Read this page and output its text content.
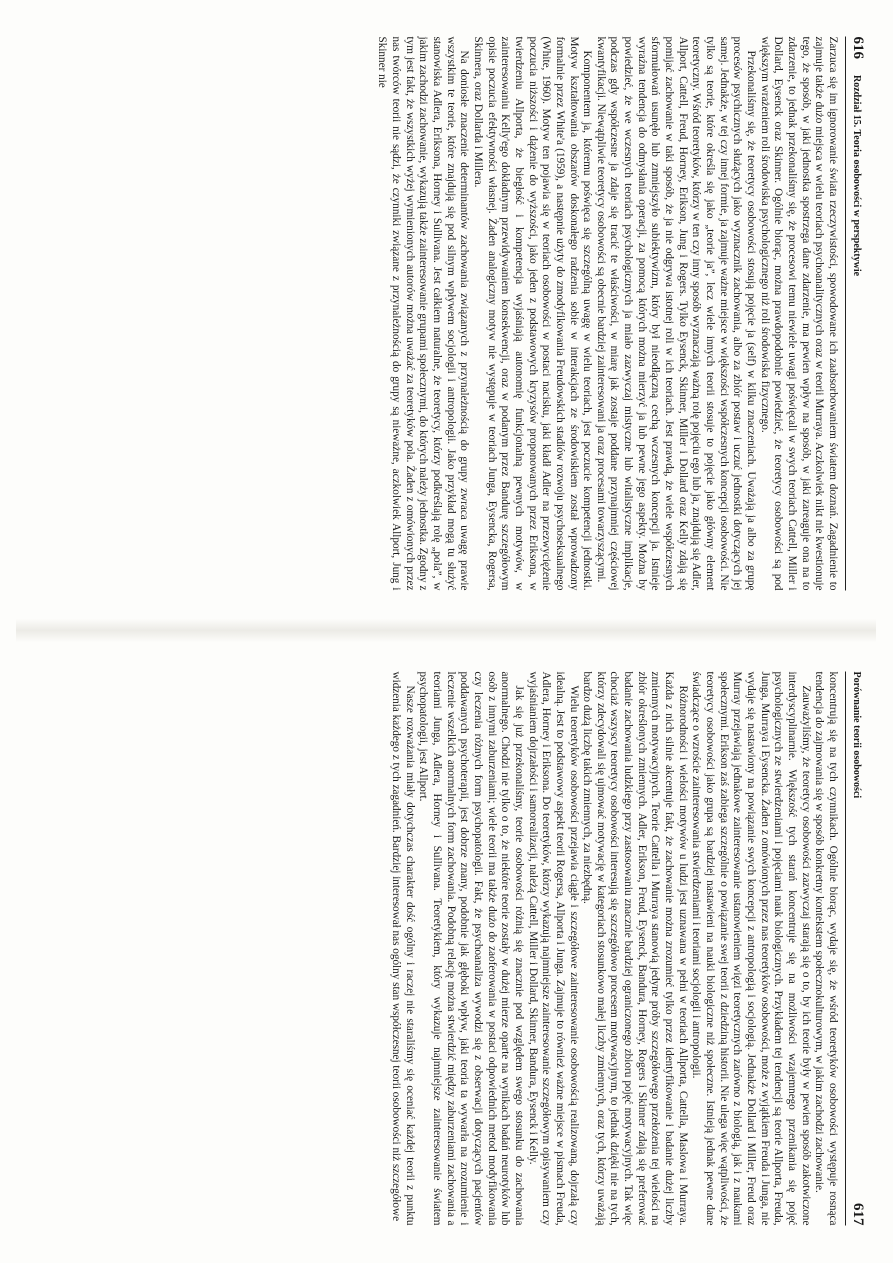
616
Rozdział 15. Teoria osobowości w perspektywie

Zarzuca się im ignorowanie świata rzeczywistości, spowodowane ich zaabsorbowaniem światem doznań. Zagadnienie to zajmuje także dużo miejsca w wielu teoriach psychoanalitycznych oraz w teorii Murraya. Aczkolwiek nikt nie kwestionuje tego, że sposób, w jaki jednostka spostrzega dane zdarzenie, ma pewien wpływ na sposób, w jaki zareaguje ona na to zdarzenie, to jednak przekonaliśmy się, że procesowi temu niewiele uwagi poświęcali w swych teoriach Cattell, Miller i Dollard, Eysenck oraz Skinner. Ogólnie biorąc, można prawdopodobnie powiedzieć, że teoretycy osobowości są pod większym wrażeniem roli środowiska psychologicznego niż roli środowiska fizycznego.

Przekonaliśmy się, że teoretycy osobowości stosują pojęcie ja (self) w kilku znaczeniach. Uważają ja albo za grupę procesów psychicznych służących jako wyznacznik zachowania, albo za zbiór postaw i uczuć jednostki dotyczących jej samej. Jednakże, w tej czy innej formie, ja zajmuje ważne miejsce w większości współczesnych koncepcji osobowości. Nie tylko są teorie, które określa się jako „teorie ja”, lecz wiele innych teorii stosuje to pojęcie jako główny element teoretyczny. Wśród teoretyków, którzy w ten czy inny sposób wyznaczają ważną rolę pojęciu ego lub ja, znajdują się Adler, Allport, Cattell, Freud, Horney, Erikson, Jung i Rogers. Tylko Eysenck, Skinner, Miller i Dollard oraz Kelly zdają się pomijać zachowanie w taki sposób, że ja nie odgrywa istotnej roli w ich teoriach. Jest prawdą, że wiele współczesnych sformułowań usunęło lub zmniejszyło subiektywizm, który był nieodłączną cechą wczesnych koncepcji ja. Istnieje wyraźna tendencja do odmysłania operacji, za pomocą których można mierzyć ja lub pewne jego aspekty. Można by powiedzieć, że we wczesnych teoriach psychologicznych ja miało zazwyczaj mistyczne lub witalistyczne implikacje, podczas gdy współczesne ja zdaje się tracić te właściwości, w miarę jak zostaje poddane przynajmniej częściowej kwantyfikacji. Niewątpliwie teoretycy osobowości są obecnie bardziej zainteresowani ja oraz procesami towarzyszącymi.

Komponentem ja, któremu poświęca się szczególną uwagę w wielu teoriach, jest poczucie kompetencji jednostki. Motyw kształtowania obszarów doskonałego radzenia sobie w interakcjach ze środowiskiem został wprowadzony formalnie przez White'a (1959), a następnie użyty do zmodyfikowania Freudowskich stadiów rozwoju psychoseksualnego (White, 1960). Motyw ten pojawia się w teoriach osobowości w postaci nacisku, jaki kładł Adler na przezwyciężenie poczucia niższości i dążenie do wyższości, jako jeden z podstawowych kryzysów proponowanych przez Eriksona, w twierdzeniu Allporta, że biegłość i kompetencja wyjaśniają autonomię funkcjonalną pewnych motywów, w zainteresowaniu Kelly'ego dokładnym przewidywaniem konsekwencji, oraz w podanym przez Bandurę szczegółowym opisie poczucia efektywności własnej. Żaden analogiczny motyw nie występuje w teoriach Junga, Eysencka, Rogersa, Skinnera, oraz Dollarda i Millera.

Na doniosłe znaczenie determinantów zachowania związanych z przynależnością do grupy zwraca uwagę prawie wszystkim te teorie, które znajdują się pod silnym wpływem socjologii i antropologii. Jako przykład mogą tu służyć stanowiska Adlera, Eriksona, Horney i Sullivana. Jest całkiem naturalne, że teoretycy, którzy podkreślają rolę „pola”, w jakim zachodzi zachowanie, wykazują także zainteresowanie grupami społecznymi, do których należy jednostka. Zgodny z tym jest fakt, że wszystkich wyżej wymienionych autorów można uważać za teoretyków pola. Żaden z omówionych przez nas twórców teorii nie sądzi, że czynniki związane z przynależnością do grupy są nieważne, aczkolwiek Allport, Jung i Skinner nie

Porównanie teorii osobowości
617

koncentrują się na tych czynnikach. Ogólnie biorąc, wydaje się, że wśród teoretyków osobowości występuje rosnąca tendencja do zajmowania się w sposób konkretny kontekstem społecznokulturowym, w jakim zachodzi zachowanie.

Zauważyliśmy, że teoretycy osobowości zazwyczaj starają się o to, by ich teorie były w pewien sposób zakotwiczone interdyscyplinarnie. Większość tych starań koncentruje się na możliwości wzajemnego przenikania się pojęć psychologicznych ze stwierdzeniami i pojęciami nauk biologicznych. Przykładem tej tendencji są teorie Allporta, Freuda, Junga, Murraya i Eysencka. Żaden z omówionych przez nas teoretyków osobowości, może z wyjątkiem Freuda i Junga, nie wydaje się nastawiony na powiązanie swych koncepcji z antropologią i socjologią. Jednakże Dollard i Miller, Freud oraz Murray przejawiają jednakowe zainteresowanie ustanowieniem więzi teoretycznych zarówno z biologią, jak i z naukami społecznymi. Erikson zaś zabiega szczególnie o powiązanie swej teorii z dziedziną historii. Nie ulega więc wątpliwości, że teoretycy osobowości jako grupa są bardziej nastawieni na nauki biologiczne niż społeczne. Istnieją jednak pewne dane świadczące o wzroście zainteresowania stwierdzeniami i teoriami socjologii i antropologii.

Różnorodności i wielości motywów u ludzi jest uznawana w pełni w teoriach Allporta, Cattella, Maslowa i Murraya. Każda z nich silnie akcentuje fakt, że zachowanie można zrozumieć tylko przez identyfikowanie i badanie dużej liczby zmiennych motywacyjnych. Teorie Cattella i Murraya stanowią jedyne próby szczegółowego przełożenia tej wielości na zbiór określonych zmiennych. Adler, Erikson, Freud, Eysenck, Bandura, Horney, Rogers i Skinner zdają się preferować badanie zachowania ludzkiego przy zastosowaniu znacznie bardziej ograniczonego zbioru pojęć motywacyjnych. Tak więc chociaż wszyscy teoretycy osobowości interesują się szczegółowo procesem motywacyjnym, to jednak dzięki nie na tych, którzy zdecydowali się ujmować motywację w kategoriach stosunkowo małej liczby zmiennych, oraz tych, którzy uważają bardzo dużą liczbę takich zmiennych, za niezbędną.

Wielu teoretyków osobowości przejawia ciągłe i szczegółowe zainteresowanie osobowością realizowaną, dojrzałą czy idealną. Jest to podstawowy aspekt teorii Rogersa, Allporta i Junga. Zajmuje to również ważne miejsce w pismach Freuda, Adlera, Horney i Eriksona. Do teoretyków, którzy wykazują najmniejsze zainteresowanie szczegółowym opisywaniem czy wyjaśnianiem dojrzałości i samorealizacji, należą Cattell, Miller i Dollard, Skinner, Bandura, Eysenck i Kelly.

Jak się już przekonaliśmy, teorie osobowości różnią się znacznie pod względem swego stosunku do zachowania anormalnego. Chodzi nie tylko o to, że niektóre teorie zostały w dużej mierze oparte na wynikach badań neurotyków lub osób z innymi zaburzeniami; wiele teorii ma także dużo do zaoferowania w postaci odpowiednich metod modyfikowania czy leczenia różnych form psychopatologii. Fakt, że psychoanaliza wywodzi się z obserwacji dotyczących pacjentów poddawanych psychoterapii, jest dobrze znany, podobnie jak głęboki wpływ, jaki teoria ta wywarła na zrozumienie i leczenie wszelkich anormalnych form zachowania. Podobną relację można stwierdzić między zaburzeniami zachowania a teoriami Junga, Adlera, Horney i Sullivana. Teoretykiem, który wykazuje najmniejsze zainteresowanie światem psychopatologii, jest Allport.

Nasze rozważania miały dotychczas charakter dość ogólny i raczej nie staraliśmy się oceniać każdej teorii z punktu widzenia każdego z tych zagadnień. Bardziej interesował nas ogólny stan współczesnej teorii osobowości niż szczegółowe
